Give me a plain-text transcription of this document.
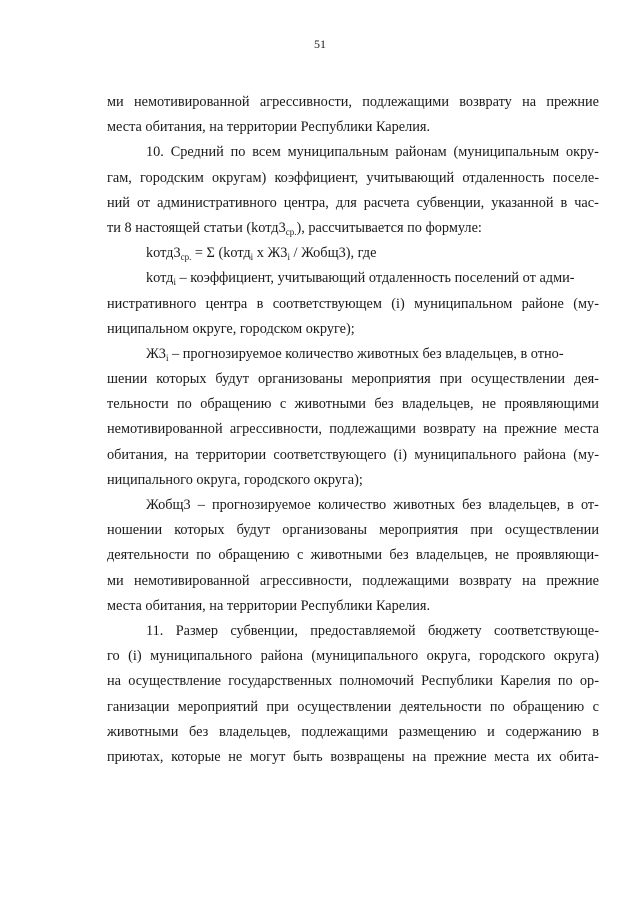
51
ми немотивированной агрессивности, подлежащими возврату на прежние
места обитания, на территории Республики Карелия.
10. Средний по всем муниципальным районам (муниципальным окру-
гам, городским округам) коэффициент, учитывающий отдаленность поселе-
ний от административного центра, для расчета субвенции, указанной в час-
ти 8 настоящей статьи $(kотд3_{ср.})$, рассчитывается по формуле:
$kотд3_{ср.} = \Sigma$ (kотд$_i$ x $Ж3_i$ / Жобщ3), где
kотд$_i$ – коэффициент, учитывающий отдаленность поселений от адми-
нистративного центра в соответствующем (i) муниципальном районе (му-
ниципальном округе, городском округе);
$Ж3_i$ – прогнозируемое количество животных без владельцев, в отно-
шении которых будут организованы мероприятия при осуществлении дея-
тельности по обращению с животными без владельцев, не проявляющими
немотивированной агрессивности, подлежащими возврату на прежние места
обитания, на территории соответствующего (i) муниципального района (му-
ниципального округа, городского округа);
Жобщ3 – прогнозируемое количество животных без владельцев, в от-
ношении которых будут организованы мероприятия при осуществлении
деятельности по обращению с животными без владельцев, не проявляющи-
ми немотивированной агрессивности, подлежащими возврату на прежние
места обитания, на территории Республики Карелия.
11. Размер субвенции, предоставляемой бюджету соответствующе-
го (i) муниципального района (муниципального округа, городского округа)
на осуществление государственных полномочий Республики Карелия по ор-
ганизации мероприятий при осуществлении деятельности по обращению с
животными без владельцев, подлежащими размещению и содержанию в
приютах, которые не могут быть возвращены на прежние места их обита-
